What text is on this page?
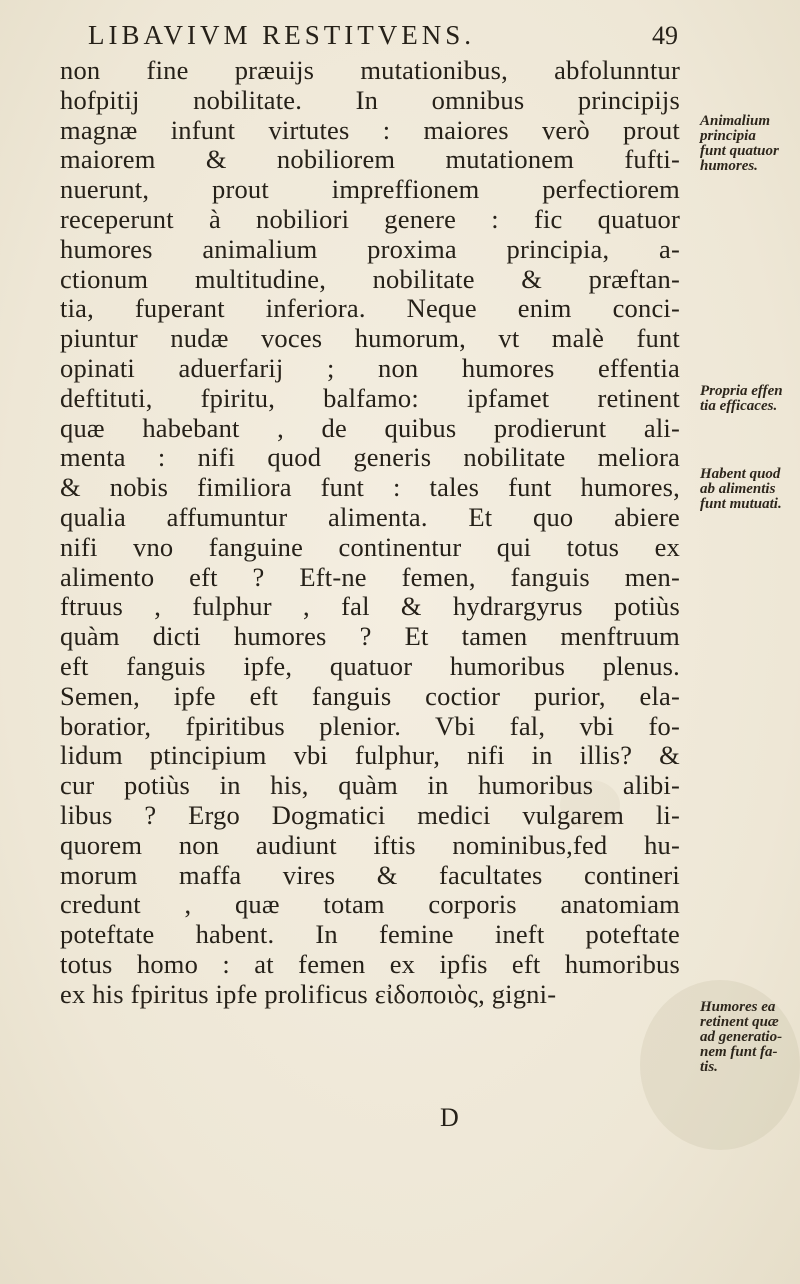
LIBAVIVM RESTITVENS.	49
non fine præuijs mutationibus, abfolunntur
hofpitij nobilitate. In omnibus principijs
magnæ infunt virtutes : maiores verò prout
maiorem & nobiliorem mutationem fufti-
nuerunt, prout impreffionem perfectiorem
receperunt à nobiliori genere : fic quatuor
humores animalium proxima principia, a-
ctionum multitudine, nobilitate & præftan-
tia, fuperant inferiora. Neque enim conci-
piuntur nudæ voces humorum, vt malè funt
opinati aduerfarij ; non humores effentia
deftituti, fpiritu, balfamo: ipfamet retinent
quæ habebant , de quibus prodierunt ali-
menta : nifi quod generis nobilitate meliora
& nobis fimiliora funt : tales funt humores,
qualia affumuntur alimenta. Et quo abiere
nifi vno fanguine continentur qui totus ex
alimento eft ? Eft-ne femen, fanguis men-
ftruus , fulphur , fal & hydrargyrus potiùs
quàm dicti humores ? Et tamen menftruum
eft fanguis ipfe, quatuor humoribus plenus.
Semen, ipfe eft fanguis coctior purior, ela-
boratior, fpiritibus plenior. Vbi fal, vbi fo-
lidum ptincipium vbi fulphur, nifi in illis? &
cur potiùs in his, quàm in humoribus alibi-
libus ? Ergo Dogmatici medici vulgarem li-
quorem non audiunt iftis nominibus,fed hu-
morum maffa vires & facultates contineri
credunt , quæ totam corporis anatomiam
poteftate habent. In femine ineft poteftate
totus homo : at femen ex ipfis eft humoribus
ex his fpiritus ipfe prolificus εἰδοποιὸς, gigni-
D
Animalium
principia
funt quatuor
humores.
Propria effen
tia efficaces.
Habent quod
ab alimentis
funt mutuati.
Humores ea
retinent quæ
ad generatio-
nem funt fa-
tis.
